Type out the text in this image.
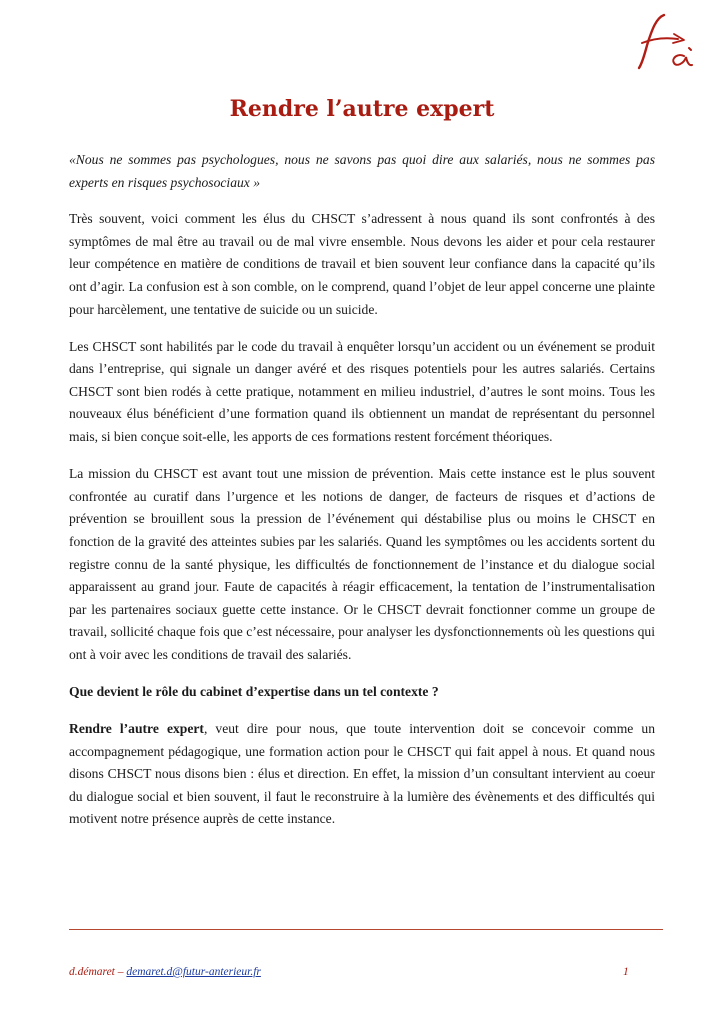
Rendre l’autre expert

«Nous ne sommes pas psychologues, nous ne savons pas quoi dire aux salariés, nous ne sommes pas experts en risques psychosociaux »

Très souvent, voici comment les élus du CHSCT s’adressent à nous quand ils sont confrontés à des symptômes de mal être au travail ou de mal vivre ensemble. Nous devons les aider et pour cela restaurer leur compétence en matière de conditions de travail et bien souvent leur confiance dans la capacité qu’ils ont d’agir. La confusion est à son comble, on le comprend, quand l’objet de leur appel concerne une plainte pour harcèlement, une tentative de suicide ou un suicide.

Les CHSCT sont habilités par le code du travail à enquêter lorsqu’un accident ou un événement se produit dans l’entreprise, qui signale un danger avéré et des risques potentiels pour les autres salariés. Certains CHSCT sont bien rodés à cette pratique, notamment en milieu industriel, d’autres le sont moins. Tous les nouveaux élus bénéficient d’une formation quand ils obtiennent un mandat de représentant du personnel mais, si bien conçue soit-elle, les apports de ces formations restent forcément théoriques.

La mission du CHSCT est avant tout une mission de prévention. Mais cette instance est le plus souvent confrontée au curatif dans l’urgence et les notions de danger, de facteurs de risques et d’actions de prévention se brouillent sous la pression de l’événement qui déstabilise plus ou moins le CHSCT en fonction de la gravité des atteintes subies par les salariés. Quand les symptômes ou les accidents sortent du registre connu de la santé physique, les difficultés de fonctionnement de l’instance et du dialogue social apparaissent au grand jour. Faute de capacités à réagir efficacement, la tentation de l’instrumentalisation par les partenaires sociaux guette cette instance. Or le CHSCT devrait fonctionner comme un groupe de travail, sollicité chaque fois que c’est nécessaire, pour analyser les dysfonctionnements où les questions qui ont à voir avec les conditions de travail des salariés.

Que devient le rôle du cabinet d’expertise dans un tel contexte ?

Rendre l’autre expert, veut dire pour nous, que toute intervention doit se concevoir comme un accompagnement pédagogique, une formation action pour le CHSCT qui fait appel à nous. Et quand nous disons CHSCT nous disons bien : élus et direction. En effet, la mission d’un consultant intervient au coeur du dialogue social et bien souvent, il faut le reconstruire à la lumière des évènements et des difficultés qui motivent notre présence auprès de cette instance.

d.démaret – demaret.d@futur-anterieur.fr	1
